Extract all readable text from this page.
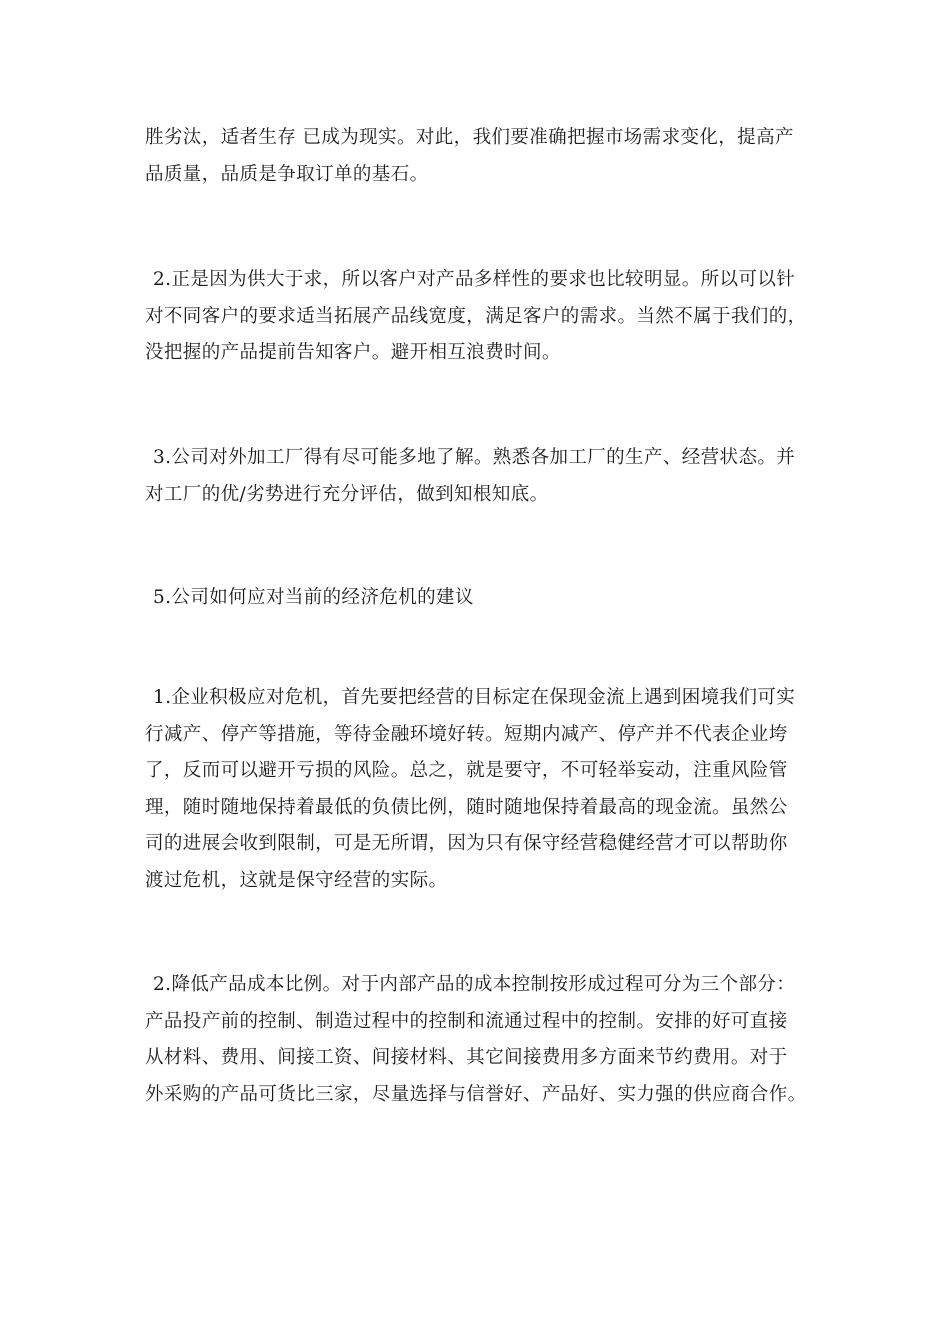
胜劣汰，适者生存 已成为现实。对此，我们要准确把握市场需求变化，提高产
品质量，品质是争取订单的基石。

2.正是因为供大于求，所以客户对产品多样性的要求也比较明显。所以可以针
对不同客户的要求适当拓展产品线宽度，满足客户的需求。当然不属于我们的，
没把握的产品提前告知客户。避开相互浪费时间。

3.公司对外加工厂得有尽可能多地了解。熟悉各加工厂的生产、经营状态。并
对工厂的优/劣势进行充分评估，做到知根知底。

5.公司如何应对当前的经济危机的建议

1.企业积极应对危机，首先要把经营的目标定在保现金流上遇到困境我们可实
行减产、停产等措施，等待金融环境好转。短期内减产、停产并不代表企业垮
了，反而可以避开亏损的风险。总之，就是要守，不可轻举妄动，注重风险管
理，随时随地保持着最低的负债比例，随时随地保持着最高的现金流。虽然公
司的进展会收到限制，可是无所谓，因为只有保守经营稳健经营才可以帮助你
渡过危机，这就是保守经营的实际。

2.降低产品成本比例。对于内部产品的成本控制按形成过程可分为三个部分：
产品投产前的控制、制造过程中的控制和流通过程中的控制。安排的好可直接
从材料、费用、间接工资、间接材料、其它间接费用多方面来节约费用。对于
外采购的产品可货比三家，尽量选择与信誉好、产品好、实力强的供应商合作。
